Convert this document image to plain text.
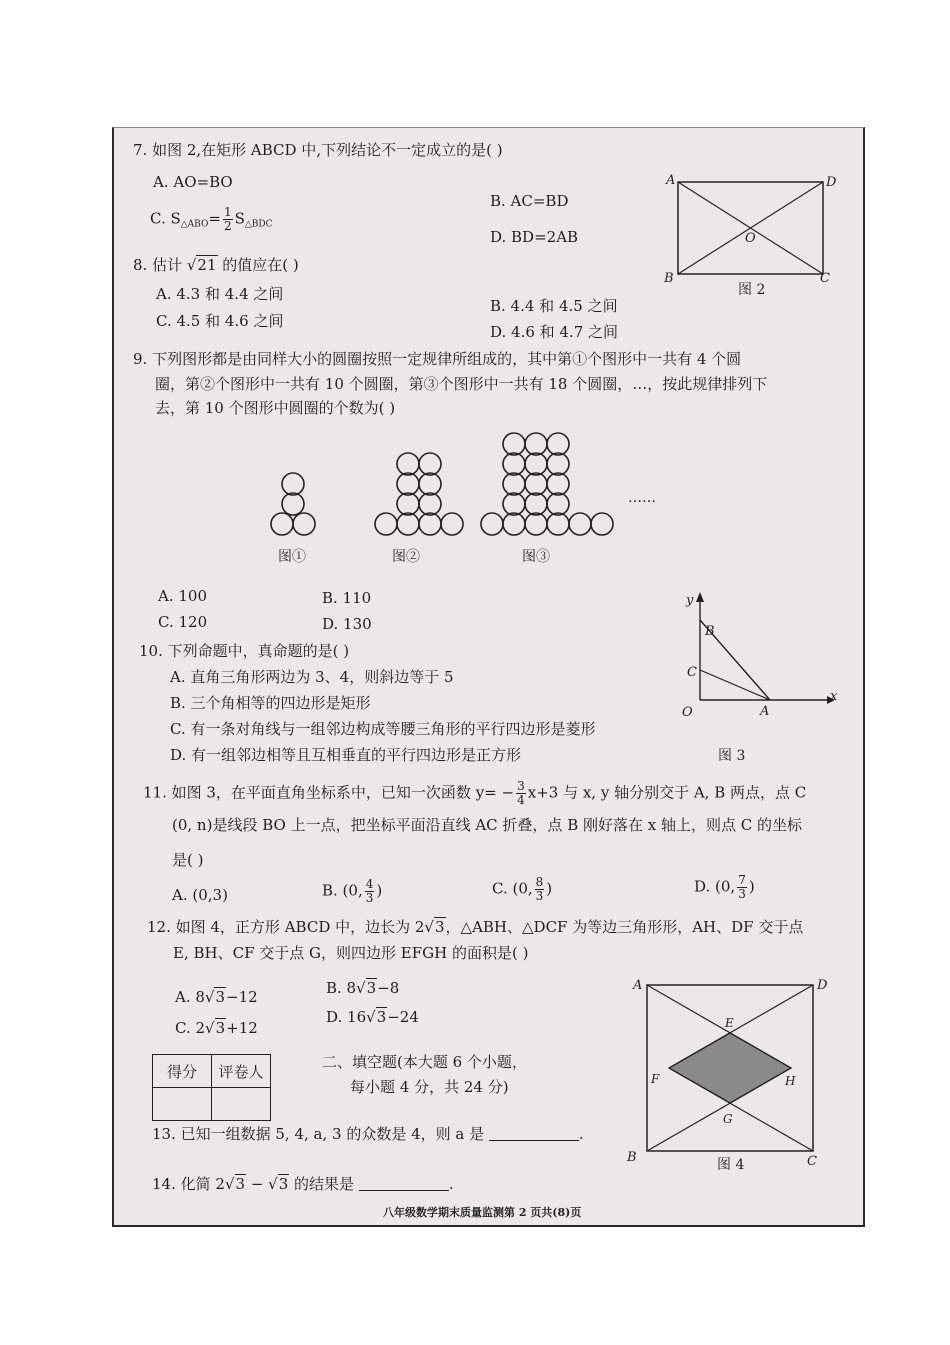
7. 如图 2,在矩形 ABCD 中,下列结论不一定成立的是( )
A. AO=BO
B. AC=BD
C. $S_{\triangle ABO}= \frac{1}{2} S_{\triangle BDC}$
D. BD=2AB
A	D
B	C
O
图 2
8. 估计 √21 的值应在( )
A. 4.3 和 4.4 之间
B. 4.4 和 4.5 之间
C. 4.5 和 4.6 之间
D. 4.6 和 4.7 之间
9. 下列图形都是由同样大小的圆圈按照一定规律所组成的，其中第①个图形中一共有 4 个圆
圈，第②个图形中一共有 10 个圆圈，第③个图形中一共有 18 个圆圈，…，按此规律排列下
去，第 10 个图形中圆圈的个数为( )
图①	图②	图③
……
A. 100	B. 110
C. 120	D. 130
10. 下列命题中，真命题的是( )
A. 直角三角形两边为 3、4，则斜边等于 5
B. 三个角相等的四边形是矩形
C. 有一条对角线与一组邻边构成等腰三角形的平行四边形是菱形
D. 有一组邻边相等且互相垂直的平行四边形是正方形
y
x
B
C
O	A
图 3
11. 如图 3，在平面直角坐标系中，已知一次函数 $y= - \frac{3}{4} x+3$ 与 x, y 轴分别交于 A, B 两点，点 C
(0, n)是线段 BO 上一点，把坐标平面沿直线 AC 折叠，点 B 刚好落在 x 轴上，则点 C 的坐标
是( )
A. (0,3)	B. (0, $\frac{4}{3}$ )	C. (0, $\frac{8}{3}$ )	D. (0, $\frac{7}{3}$ )
12. 如图 4，正方形 ABCD 中，边长为 2√3，△ABH、△DCF 为等边三角形形，AH、DF 交于点
E, BH、CF 交于点 G，则四边形 EFGH 的面积是( )
A. 8√3−12	B. 8√3−8
C. 2√3+12
D. 16√3−24
A	D
B	C
E
F
G
H
图 4
得分	评卷人

二、填空题(本大题 6 个小题，
每小题 4 分，共 24 分)
13. 已知一组数据 5, 4, a, 3 的众数是 4，则 a 是	.
14. 化简 2√3 − √3 的结果是	.
八年级数学期末质量监测第 2 页共(8)页
